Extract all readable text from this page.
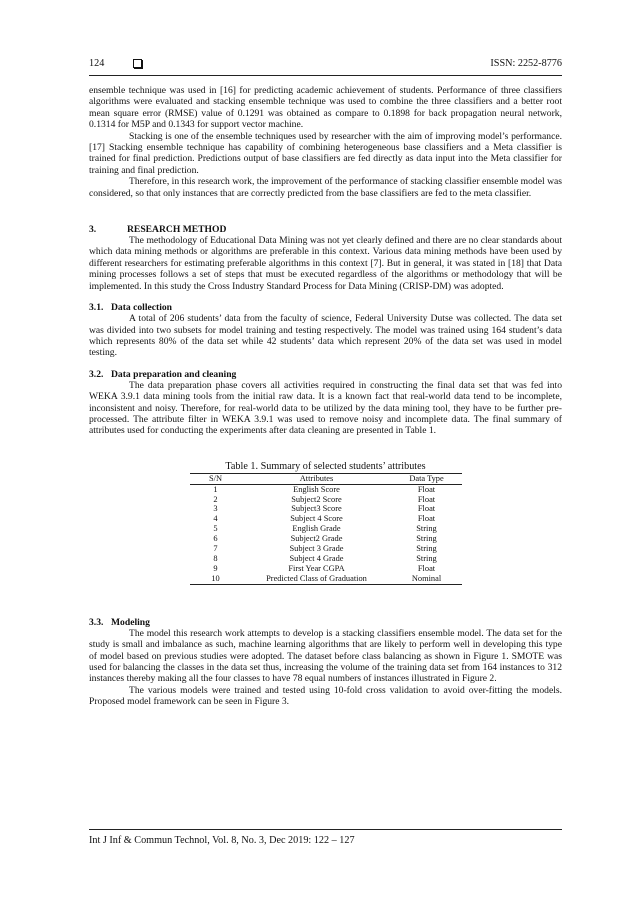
124	ISSN: 2252-8776

ensemble technique was used in [16] for predicting academic achievement of students. Performance of three classifiers algorithms were evaluated and stacking ensemble technique was used to combine the three classifiers and a better root mean square error (RMSE) value of 0.1291 was obtained as compare to 0.1898 for back propagation neural network, 0.1314 for M5P and 0.1343 for support vector machine.

Stacking is one of the ensemble techniques used by researcher with the aim of improving model’s performance. [17] Stacking ensemble technique has capability of combining heterogeneous base classifiers and a Meta classifier is trained for final prediction. Predictions output of base classifiers are fed directly as data input into the Meta classifier for training and final prediction.

Therefore, in this research work, the improvement of the performance of stacking classifier ensemble model was considered, so that only instances that are correctly predicted from the base classifiers are fed to the meta classifier.

3.	RESEARCH METHOD

The methodology of Educational Data Mining was not yet clearly defined and there are no clear standards about which data mining methods or algorithms are preferable in this context. Various data mining methods have been used by different researchers for estimating preferable algorithms in this context [7]. But in general, it was stated in [18] that Data mining processes follows a set of steps that must be executed regardless of the algorithms or methodology that will be implemented. In this study the Cross Industry Standard Process for Data Mining (CRISP-DM) was adopted.

3.1. Data collection

A total of 206 students’ data from the faculty of science, Federal University Dutse was collected. The data set was divided into two subsets for model training and testing respectively. The model was trained using 164 student’s data which represents 80% of the data set while 42 students’ data which represent 20% of the data set was used in model testing.

3.2. Data preparation and cleaning

The data preparation phase covers all activities required in constructing the final data set that was fed into WEKA 3.9.1 data mining tools from the initial raw data. It is a known fact that real-world data tend to be incomplete, inconsistent and noisy. Therefore, for real-world data to be utilized by the data mining tool, they have to be further pre-processed. The attribute filter in WEKA 3.9.1 was used to remove noisy and incomplete data. The final summary of attributes used for conducting the experiments after data cleaning are presented in Table 1.

Table 1. Summary of selected students’ attributes
S/N	Attributes	Data Type
1	English Score	Float
2	Subject2 Score	Float
3	Subject3 Score	Float
4	Subject 4 Score	Float
5	English Grade	String
6	Subject2 Grade	String
7	Subject 3 Grade	String
8	Subject 4 Grade	String
9	First Year CGPA	Float
10	Predicted Class of Graduation	Nominal
3.3. Modeling

The model this research work attempts to develop is a stacking classifiers ensemble model. The data set for the study is small and imbalance as such, machine learning algorithms that are likely to perform well in developing this type of model based on previous studies were adopted. The dataset before class balancing as shown in Figure 1. SMOTE was used for balancing the classes in the data set thus, increasing the volume of the training data set from 164 instances to 312 instances thereby making all the four classes to have 78 equal numbers of instances illustrated in Figure 2.

The various models were trained and tested using 10-fold cross validation to avoid over-fitting the models. Proposed model framework can be seen in Figure 3.

Int J Inf & Commun Technol, Vol. 8, No. 3, Dec 2019: 122 – 127
